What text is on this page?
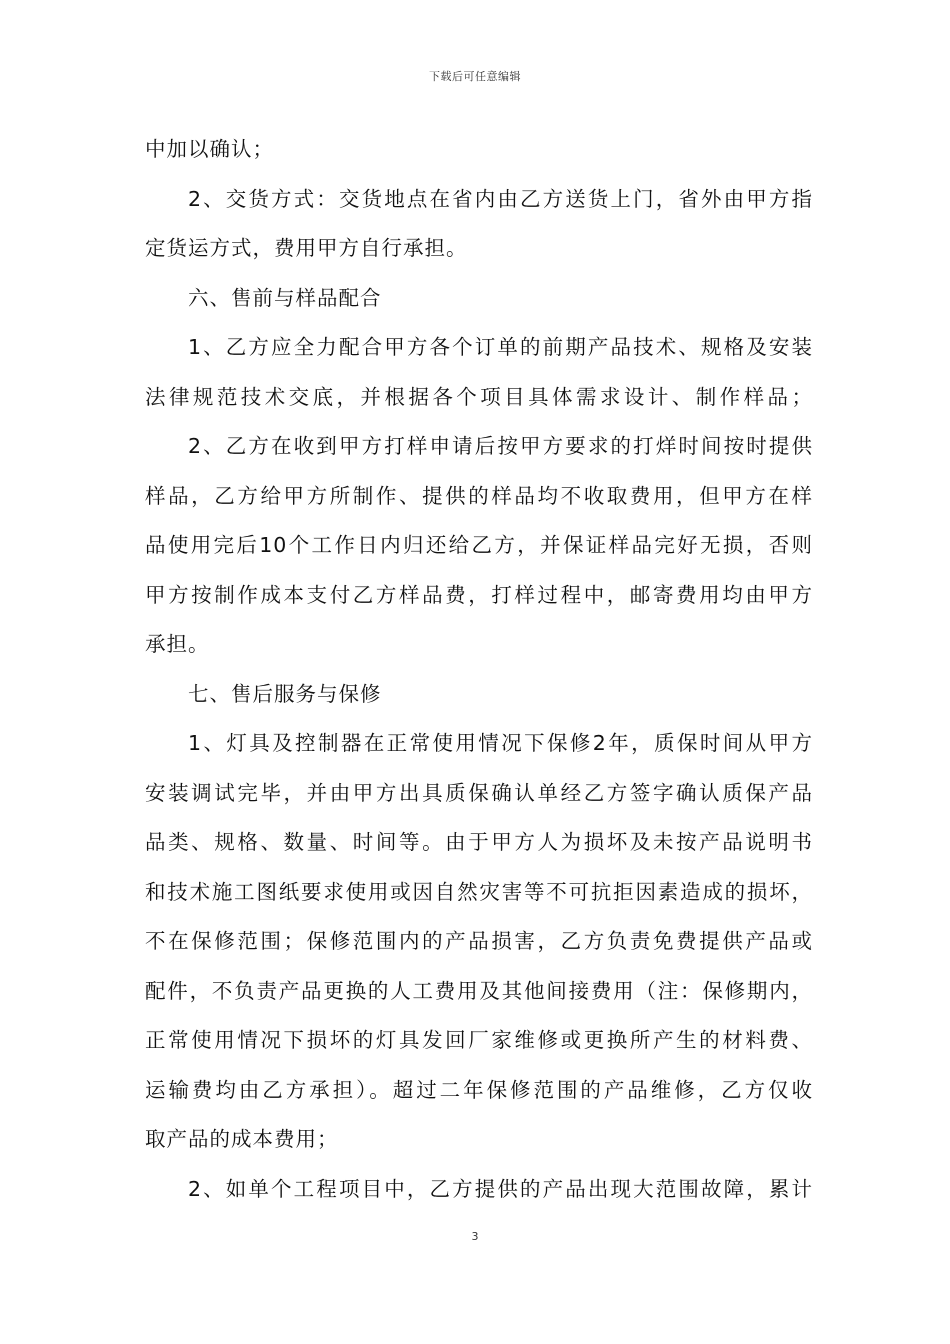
下载后可任意编辑
中加以确认；
2、交货方式：交货地点在省内由乙方送货上门，省外由甲方指
定货运方式，费用甲方自行承担。
六、售前与样品配合
1、乙方应全力配合甲方各个订单的前期产品技术、规格及安装
法律规范技术交底，并根据各个项目具体需求设计、制作样品；
2、乙方在收到甲方打样申请后按甲方要求的打烊时间按时提供
样品，乙方给甲方所制作、提供的样品均不收取费用，但甲方在样
品使用完后10个工作日内归还给乙方，并保证样品完好无损，否则
甲方按制作成本支付乙方样品费，打样过程中，邮寄费用均由甲方
承担。
七、售后服务与保修
1、灯具及控制器在正常使用情况下保修2年，质保时间从甲方
安装调试完毕，并由甲方出具质保确认单经乙方签字确认质保产品
品类、规格、数量、时间等。由于甲方人为损坏及未按产品说明书
和技术施工图纸要求使用或因自然灾害等不可抗拒因素造成的损坏，
不在保修范围；保修范围内的产品损害，乙方负责免费提供产品或
配件，不负责产品更换的人工费用及其他间接费用（注：保修期内，
正常使用情况下损坏的灯具发回厂家维修或更换所产生的材料费、
运输费均由乙方承担）。超过二年保修范围的产品维修，乙方仅收
取产品的成本费用；
2、如单个工程项目中，乙方提供的产品出现大范围故障，累计
3
